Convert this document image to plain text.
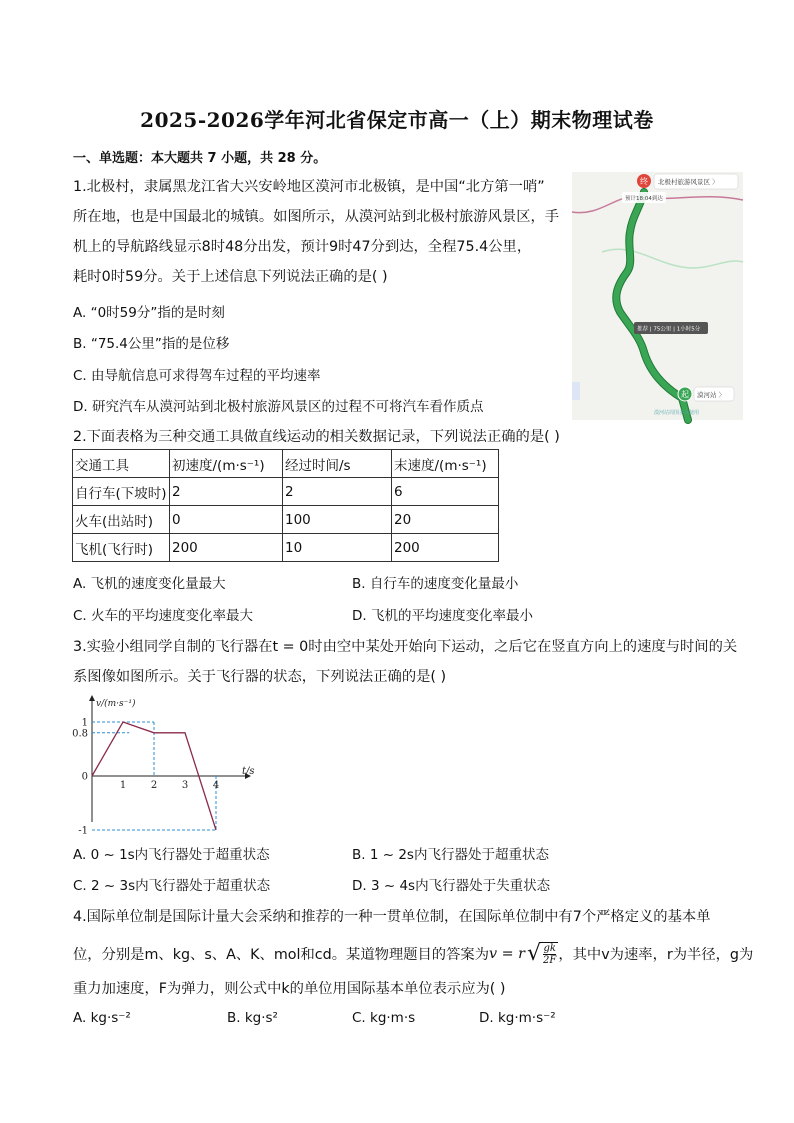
2025-2026学年河北省保定市高一（上）期末物理试卷
一、单选题：本大题共 7 小题，共 28 分。
1.北极村，隶属黑龙江省大兴安岭地区漠河市北极镇，是中国“北方第一哨”
所在地，也是中国最北的城镇。如图所示，从漠河站到北极村旅游风景区，手
机上的导航路线显示8时48分出发，预计9时47分到达，全程75.4公里，
耗时0时59分。关于上述信息下列说法正确的是( )
A. “0时59分”指的是时刻
B. “75.4公里”指的是位移
C. 由导航信息可求得驾车过程的平均速率
D. 研究汽车从漠河站到北极村旅游风景区的过程不可将汽车看作质点
终 北极村旅游风景区 〉
预计18:04到达
推荐 | 75公里 | 1小时5分
起 漠河站 〉
漠河站周围多入使用
2.下面表格为三种交通工具做直线运动的相关数据记录，下列说法正确的是( )
交通工具	初速度/(m·s⁻¹)	经过时间/s	末速度/(m·s⁻¹)
自行车(下坡时)	2	2	6
火车(出站时)	0	100	20
飞机(飞行时)	200	10	200
A. 飞机的速度变化量最大	B. 自行车的速度变化量最小
C. 火车的平均速度变化率最大	D. 飞机的平均速度变化率最小
3.实验小组同学自制的飞行器在t = 0时由空中某处开始向下运动，之后它在竖直方向上的速度与时间的关
系图像如图所示。关于飞行器的状态，下列说法正确的是( )
1
0.8
0
-1
1 2 3 4
v/(m·s⁻¹)
t/s
A. 0 ~ 1s内飞行器处于超重状态	B. 1 ~ 2s内飞行器处于超重状态
C. 2 ~ 3s内飞行器处于超重状态	D. 3 ~ 4s内飞行器处于失重状态
4.国际单位制是国际计量大会采纳和推荐的一种一贯单位制，在国际单位制中有7个严格定义的基本单
位，分别是m、kg、s、A、K、mol和cd。某道物理题目的答案为 v = r √ $\frac{gk}{2F}$ ，其中v为速率，r为半径，g为
重力加速度，F为弹力，则公式中k的单位用国际基本单位表示应为( )
A. kg·s⁻²	B. kg·s²	C. kg·m·s	D. kg·m·s⁻²
